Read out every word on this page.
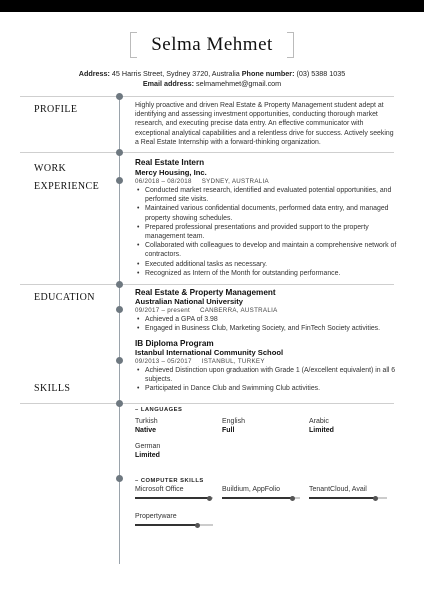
Selma Mehmet
Address: 45 Harris Street, Sydney 3720, Australia Phone number: (03) 5388 1035
Email address: selmamehmet@gmail.com
PROFILE	Highly proactive and driven Real Estate & Property Management student adept at identifying and assessing investment opportunities, conducting thorough market research, and executing precise data entry. An effective communicator with exceptional analytical capabilities and a relentless drive for success. Actively seeking a Real Estate Internship with a forward-thinking organization.
WORK
EXPERIENCE
Real Estate Intern
Mercy Housing, Inc.
06/2018 – 08/2018 SYDNEY, AUSTRALIA
• Conducted market research, identified and evaluated potential opportunities, and performed site visits.
• Maintained various confidential documents, performed data entry, and managed property showing schedules.
• Prepared professional presentations and provided support to the property management team.
• Collaborated with colleagues to develop and maintain a comprehensive network of contractors.
• Executed additional tasks as necessary.
• Recognized as Intern of the Month for outstanding performance.
EDUCATION	Real Estate & Property Management
Australian National University
09/2017 – present CANBERRA, AUSTRALIA
• Achieved a GPA of 3.98
• Engaged in Business Club, Marketing Society, and FinTech Society activities.
IB Diploma Program
Istanbul International Community School
09/2013 – 05/2017 ISTANBUL, TURKEY
• Achieved Distinction upon graduation with Grade 1 (A/excellent equivalent) in all 6 subjects.
• Participated in Dance Club and Swimming Club activities.
SKILLS
– LANGUAGES
Turkish
Native
English
Full
Arabic
Limited
German
Limited
– COMPUTER SKILLS
Microsoft Office	Buildium, AppFolio	TenantCloud, Avail
Propertyware
